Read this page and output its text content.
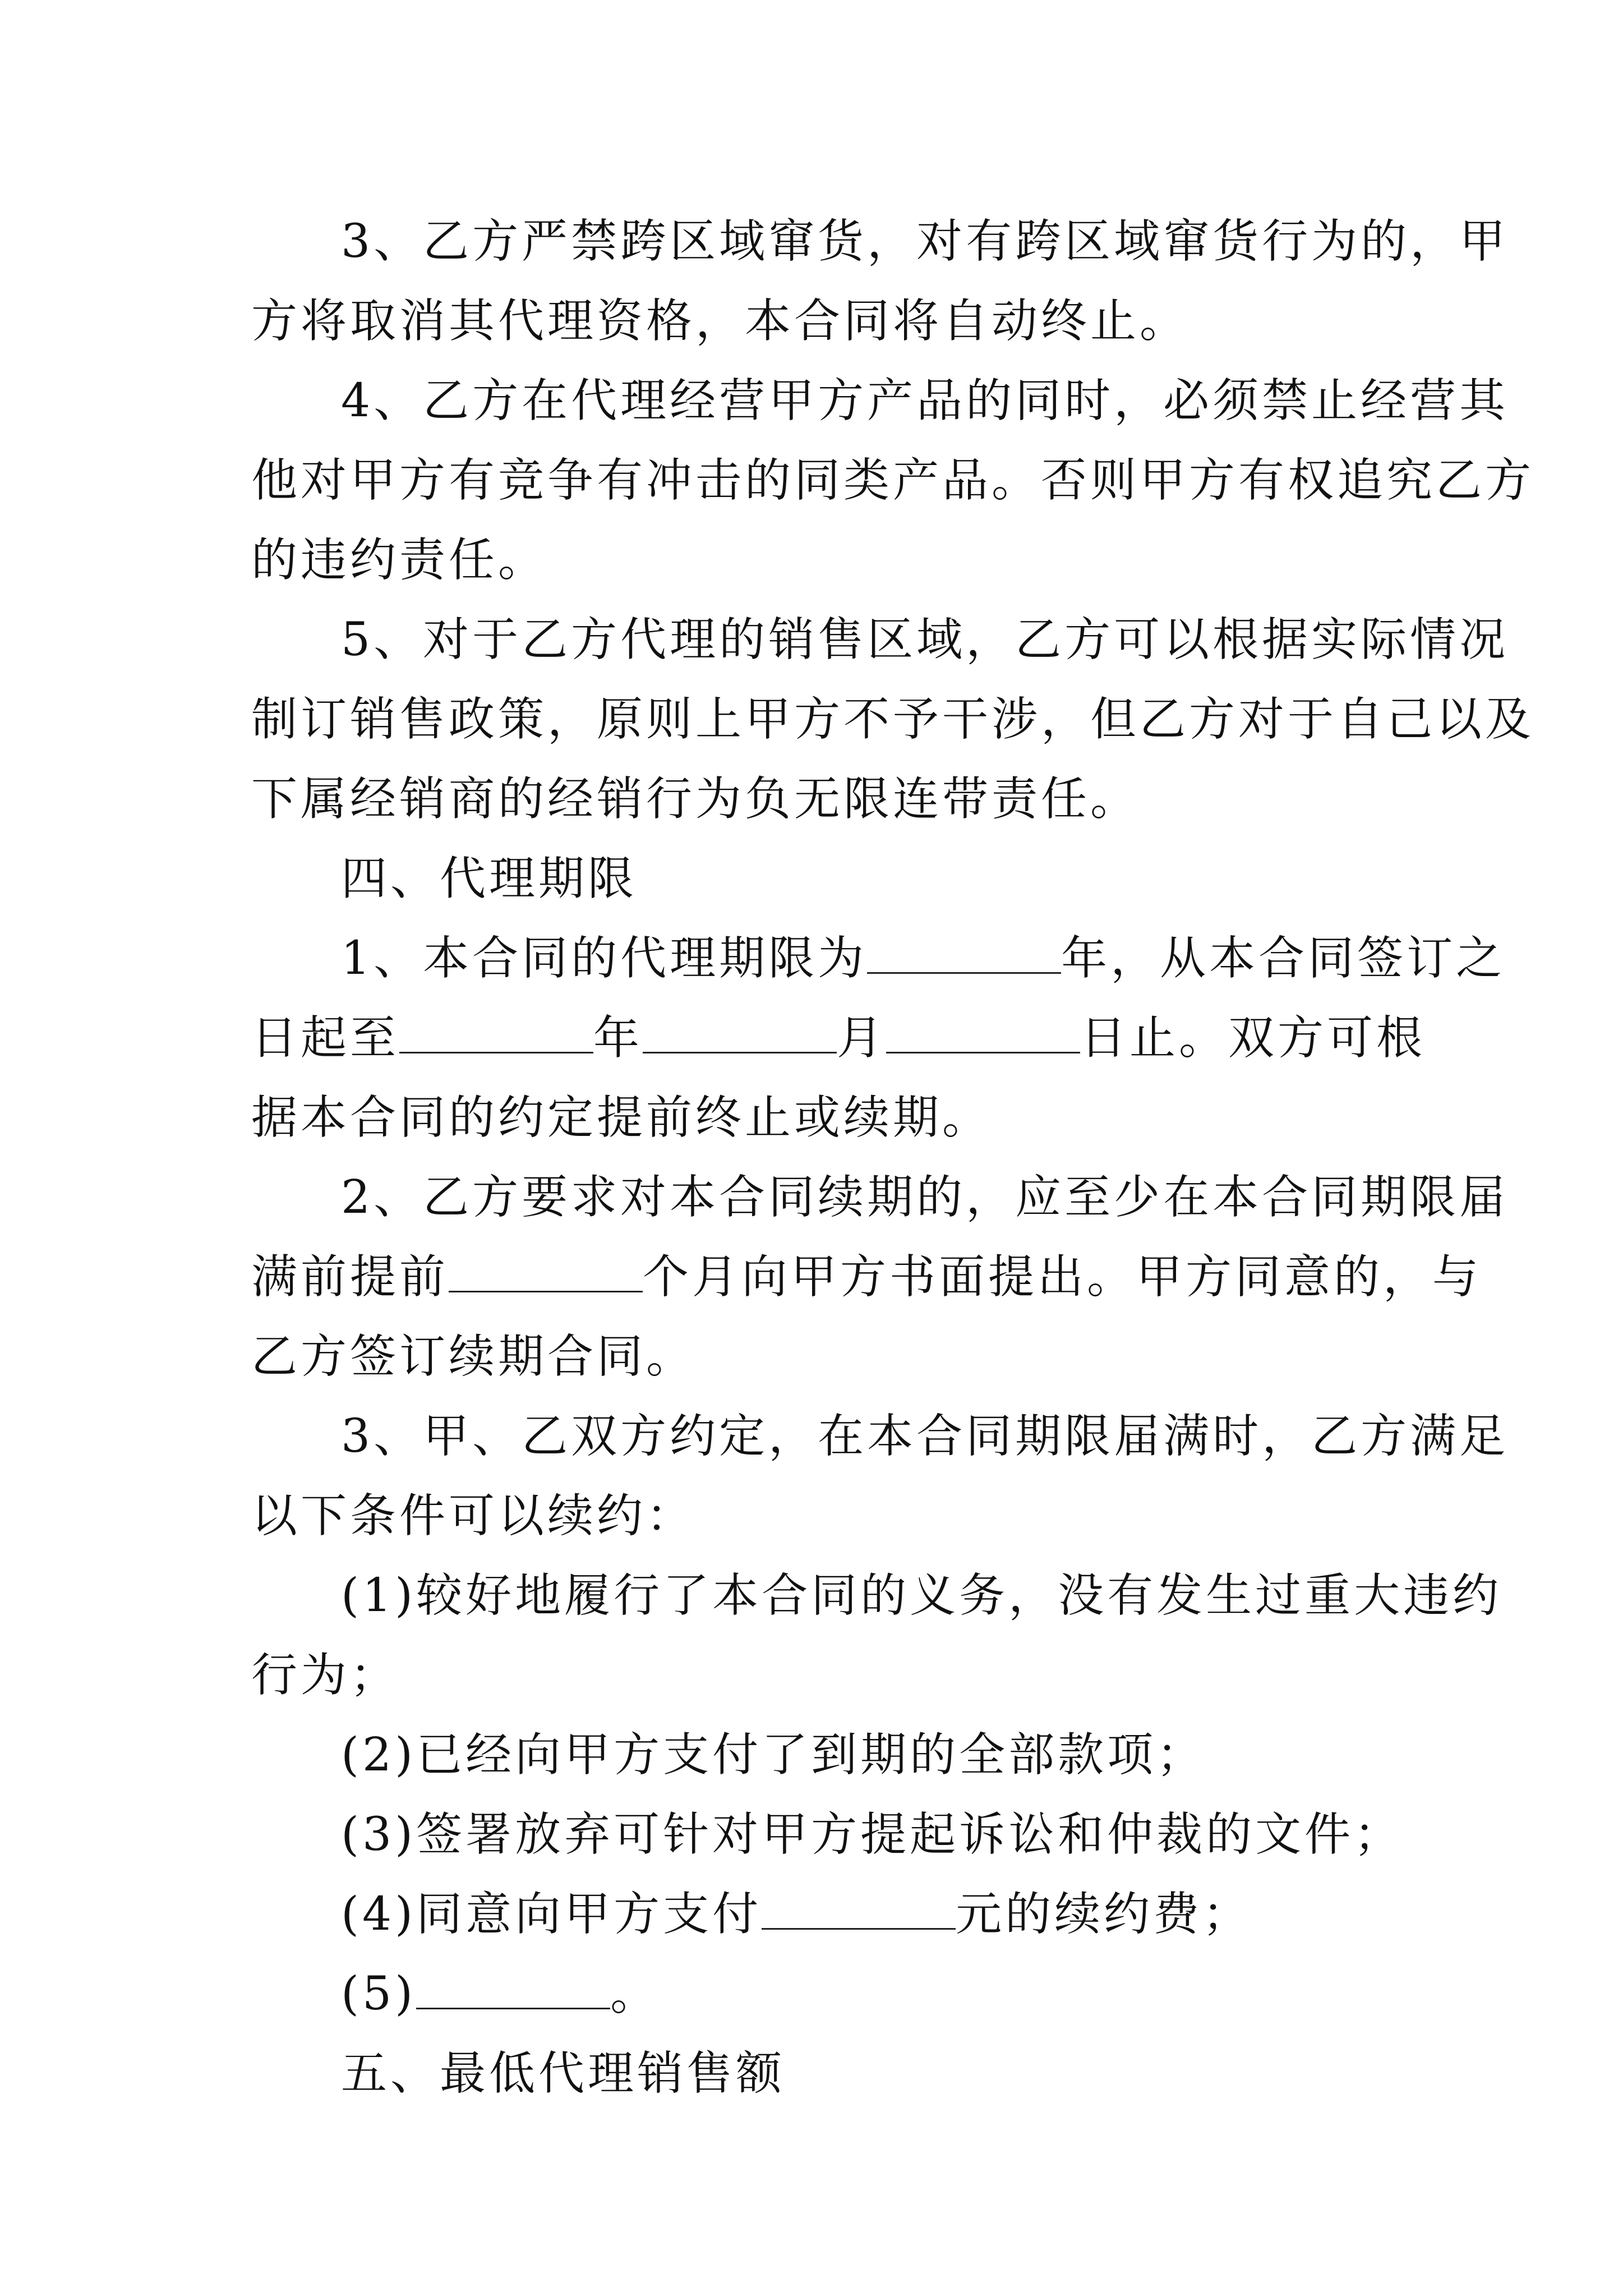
3、乙方严禁跨区域窜货，对有跨区域窜货行为的，甲
方将取消其代理资格，本合同将自动终止。
4、乙方在代理经营甲方产品的同时，必须禁止经营其
他对甲方有竞争有冲击的同类产品。否则甲方有权追究乙方
的违约责任。
5、对于乙方代理的销售区域，乙方可以根据实际情况
制订销售政策，原则上甲方不予干涉，但乙方对于自己以及
下属经销商的经销行为负无限连带责任。
四、代理期限
1、本合同的代理期限为	年，从本合同签订之
日起至	年	月	日止。双方可根
据本合同的约定提前终止或续期。
2、乙方要求对本合同续期的，应至少在本合同期限届
满前提前	个月向甲方书面提出。甲方同意的，与
乙方签订续期合同。
3、甲、乙双方约定，在本合同期限届满时，乙方满足
以下条件可以续约：
(1)较好地履行了本合同的义务，没有发生过重大违约
行为；
(2)已经向甲方支付了到期的全部款项；
(3)签署放弃可针对甲方提起诉讼和仲裁的文件；
(4)同意向甲方支付	元的续约费；
(5)	。
五、最低代理销售额
